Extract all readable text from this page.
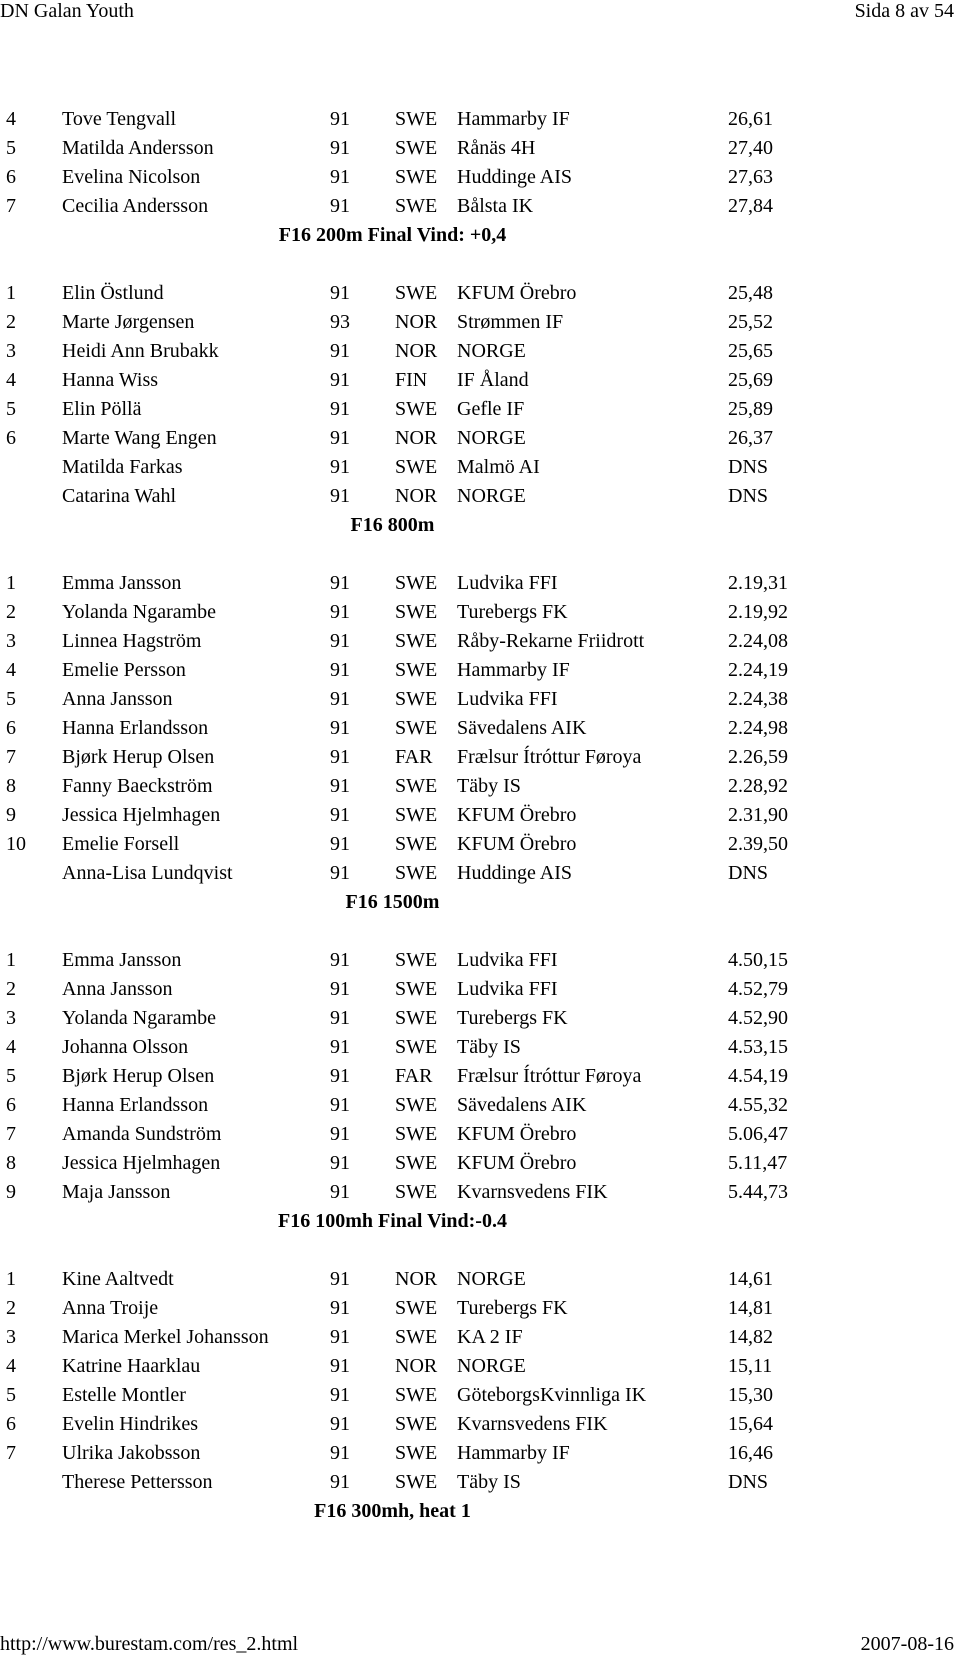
DN Galan Youth	Sida 8 av 54
4 Tove Tengvall	91 SWE Hammarby IF	26,61
5 Matilda Andersson	91 SWE Rånäs 4H	27,40
6 Evelina Nicolson	91 SWE Huddinge AIS	27,63
7 Cecilia Andersson	91 SWE Bålsta IK	27,84
F16 200m Final Vind: +0,4
1 Elin Östlund	91 SWE KFUM Örebro	25,48
2 Marte Jørgensen	93 NOR Strømmen IF	25,52
3 Heidi Ann Brubakk	91 NOR NORGE	25,65
4 Hanna Wiss	91 FIN IF Åland	25,69
5 Elin Pöllä	91 SWE Gefle IF	25,89
6 Marte Wang Engen	91 NOR NORGE	26,37
Matilda Farkas	91 SWE Malmö AI	DNS
Catarina Wahl	91 NOR NORGE	DNS
F16 800m
1 Emma Jansson	91 SWE Ludvika FFI	2.19,31
2 Yolanda Ngarambe	91 SWE Turebergs FK	2.19,92
3 Linnea Hagström	91 SWE Råby-Rekarne Friidrott	2.24,08
4 Emelie Persson	91 SWE Hammarby IF	2.24,19
5 Anna Jansson	91 SWE Ludvika FFI	2.24,38
6 Hanna Erlandsson	91 SWE Sävedalens AIK	2.24,98
7 Bjørk Herup Olsen	91 FAR Frælsur Ítróttur Føroya	2.26,59
8 Fanny Baeckström	91 SWE Täby IS	2.28,92
9 Jessica Hjelmhagen	91 SWE KFUM Örebro	2.31,90
10 Emelie Forsell	91 SWE KFUM Örebro	2.39,50
Anna-Lisa Lundqvist	91 SWE Huddinge AIS	DNS
F16 1500m
1 Emma Jansson	91 SWE Ludvika FFI	4.50,15
2 Anna Jansson	91 SWE Ludvika FFI	4.52,79
3 Yolanda Ngarambe	91 SWE Turebergs FK	4.52,90
4 Johanna Olsson	91 SWE Täby IS	4.53,15
5 Bjørk Herup Olsen	91 FAR Frælsur Ítróttur Føroya	4.54,19
6 Hanna Erlandsson	91 SWE Sävedalens AIK	4.55,32
7 Amanda Sundström	91 SWE KFUM Örebro	5.06,47
8 Jessica Hjelmhagen	91 SWE KFUM Örebro	5.11,47
9 Maja Jansson	91 SWE Kvarnsvedens FIK	5.44,73
F16 100mh Final Vind:-0.4
1 Kine Aaltvedt	91 NOR NORGE	14,61
2 Anna Troije	91 SWE Turebergs FK	14,81
3 Marica Merkel Johansson	91 SWE KA 2 IF	14,82
4 Katrine Haarklau	91 NOR NORGE	15,11
5 Estelle Montler	91 SWE GöteborgsKvinnliga IK	15,30
6 Evelin Hindrikes	91 SWE Kvarnsvedens FIK	15,64
7 Ulrika Jakobsson	91 SWE Hammarby IF	16,46
Therese Pettersson	91 SWE Täby IS	DNS
F16 300mh, heat 1
http://www.burestam.com/res_2.html	2007-08-16
